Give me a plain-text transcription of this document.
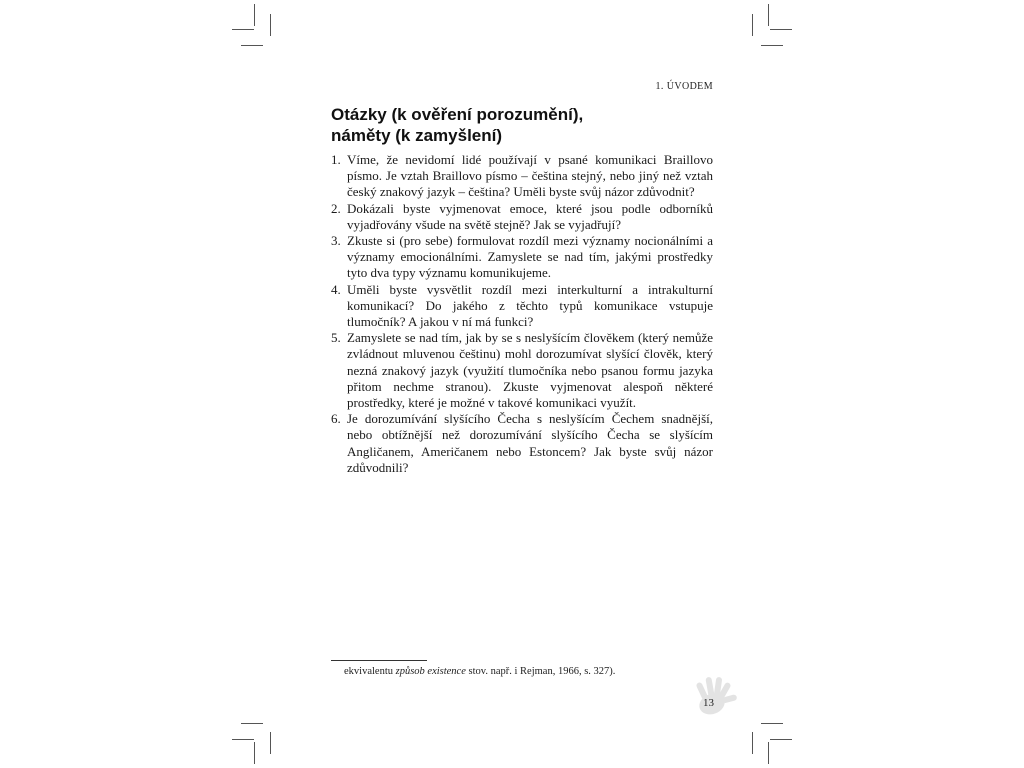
1. ÚVODEM
Otázky (k ověření porozumění),
náměty (k zamyšlení)
1. Víme, že nevidomí lidé používají v psané komunikaci Braillovo písmo. Je vztah Braillovo písmo – čeština stejný, nebo jiný než vztah český znakový jazyk – čeština? Uměli byste svůj názor zdůvodnit?
2. Dokázali byste vyjmenovat emoce, které jsou podle odborníků vyjadřovány všude na světě stejně? Jak se vyjadřují?
3. Zkuste si (pro sebe) formulovat rozdíl mezi významy nocionálními a významy emocionálními. Zamyslete se nad tím, jakými prostředky tyto dva typy významu komunikujeme.
4. Uměli byste vysvětlit rozdíl mezi interkulturní a intrakulturní komunikací? Do jakého z těchto typů komunikace vstupuje tlumočník? A jakou v ní má funkci?
5. Zamyslete se nad tím, jak by se s neslyšícím člověkem (který nemůže zvládnout mluvenou češtinu) mohl dorozumívat slyšící člověk, který nezná znakový jazyk (využití tlumočníka nebo psanou formu jazyka přitom nechme stranou). Zkuste vyjmenovat alespoň některé prostředky, které je možné v takové komunikaci využít.
6. Je dorozumívání slyšícího Čecha s neslyšícím Čechem snadnější, nebo obtížnější než dorozumívání slyšícího Čecha se slyšícím Angličanem, Američanem nebo Estoncem? Jak byste svůj názor zdůvodnili?
ekvivalentu způsob existence stov. např. i Rejman, 1966, s. 327).
13
